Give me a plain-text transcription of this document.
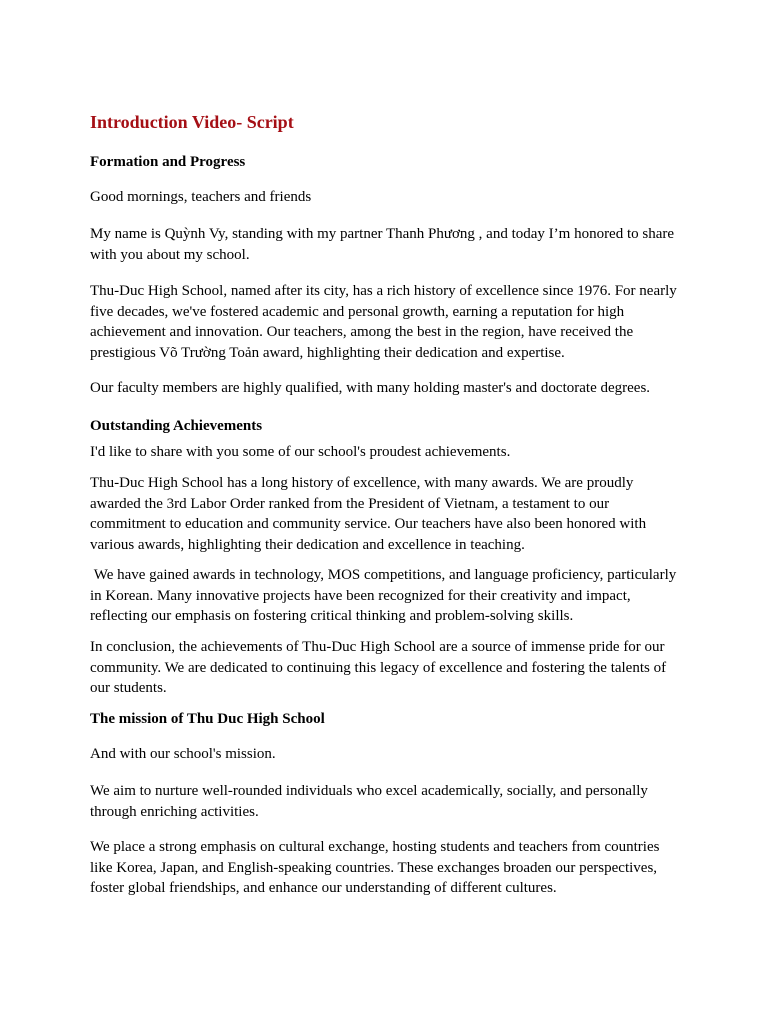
Introduction Video- Script
Formation and Progress

Good mornings, teachers and friends

My name is Quỳnh Vy, standing with my partner Thanh Phương , and today I’m honored to share with you about my school.

Thu-Duc High School, named after its city, has a rich history of excellence since 1976. For nearly five decades, we've fostered academic and personal growth, earning a reputation for high achievement and innovation. Our teachers, among the best in the region, have received the prestigious Võ Trường Toản award, highlighting their dedication and expertise.

Our faculty members are highly qualified, with many holding master's and doctorate degrees.

Outstanding Achievements

I'd like to share with you some of our school's proudest achievements.

Thu-Duc High School has a long history of excellence, with many awards. We are proudly awarded the 3rd Labor Order ranked from the President of Vietnam, a testament to our commitment to education and community service. Our teachers have also been honored with various awards, highlighting their dedication and excellence in teaching.

We have gained awards in technology, MOS competitions, and language proficiency, particularly in Korean. Many innovative projects have been recognized for their creativity and impact, reflecting our emphasis on fostering critical thinking and problem-solving skills.

In conclusion, the achievements of Thu-Duc High School are a source of immense pride for our community. We are dedicated to continuing this legacy of excellence and fostering the talents of our students.

The mission of Thu Duc High School

And with our school's mission.

We aim to nurture well-rounded individuals who excel academically, socially, and personally through enriching activities.

We place a strong emphasis on cultural exchange, hosting students and teachers from countries like Korea, Japan, and English-speaking countries. These exchanges broaden our perspectives, foster global friendships, and enhance our understanding of different cultures.
